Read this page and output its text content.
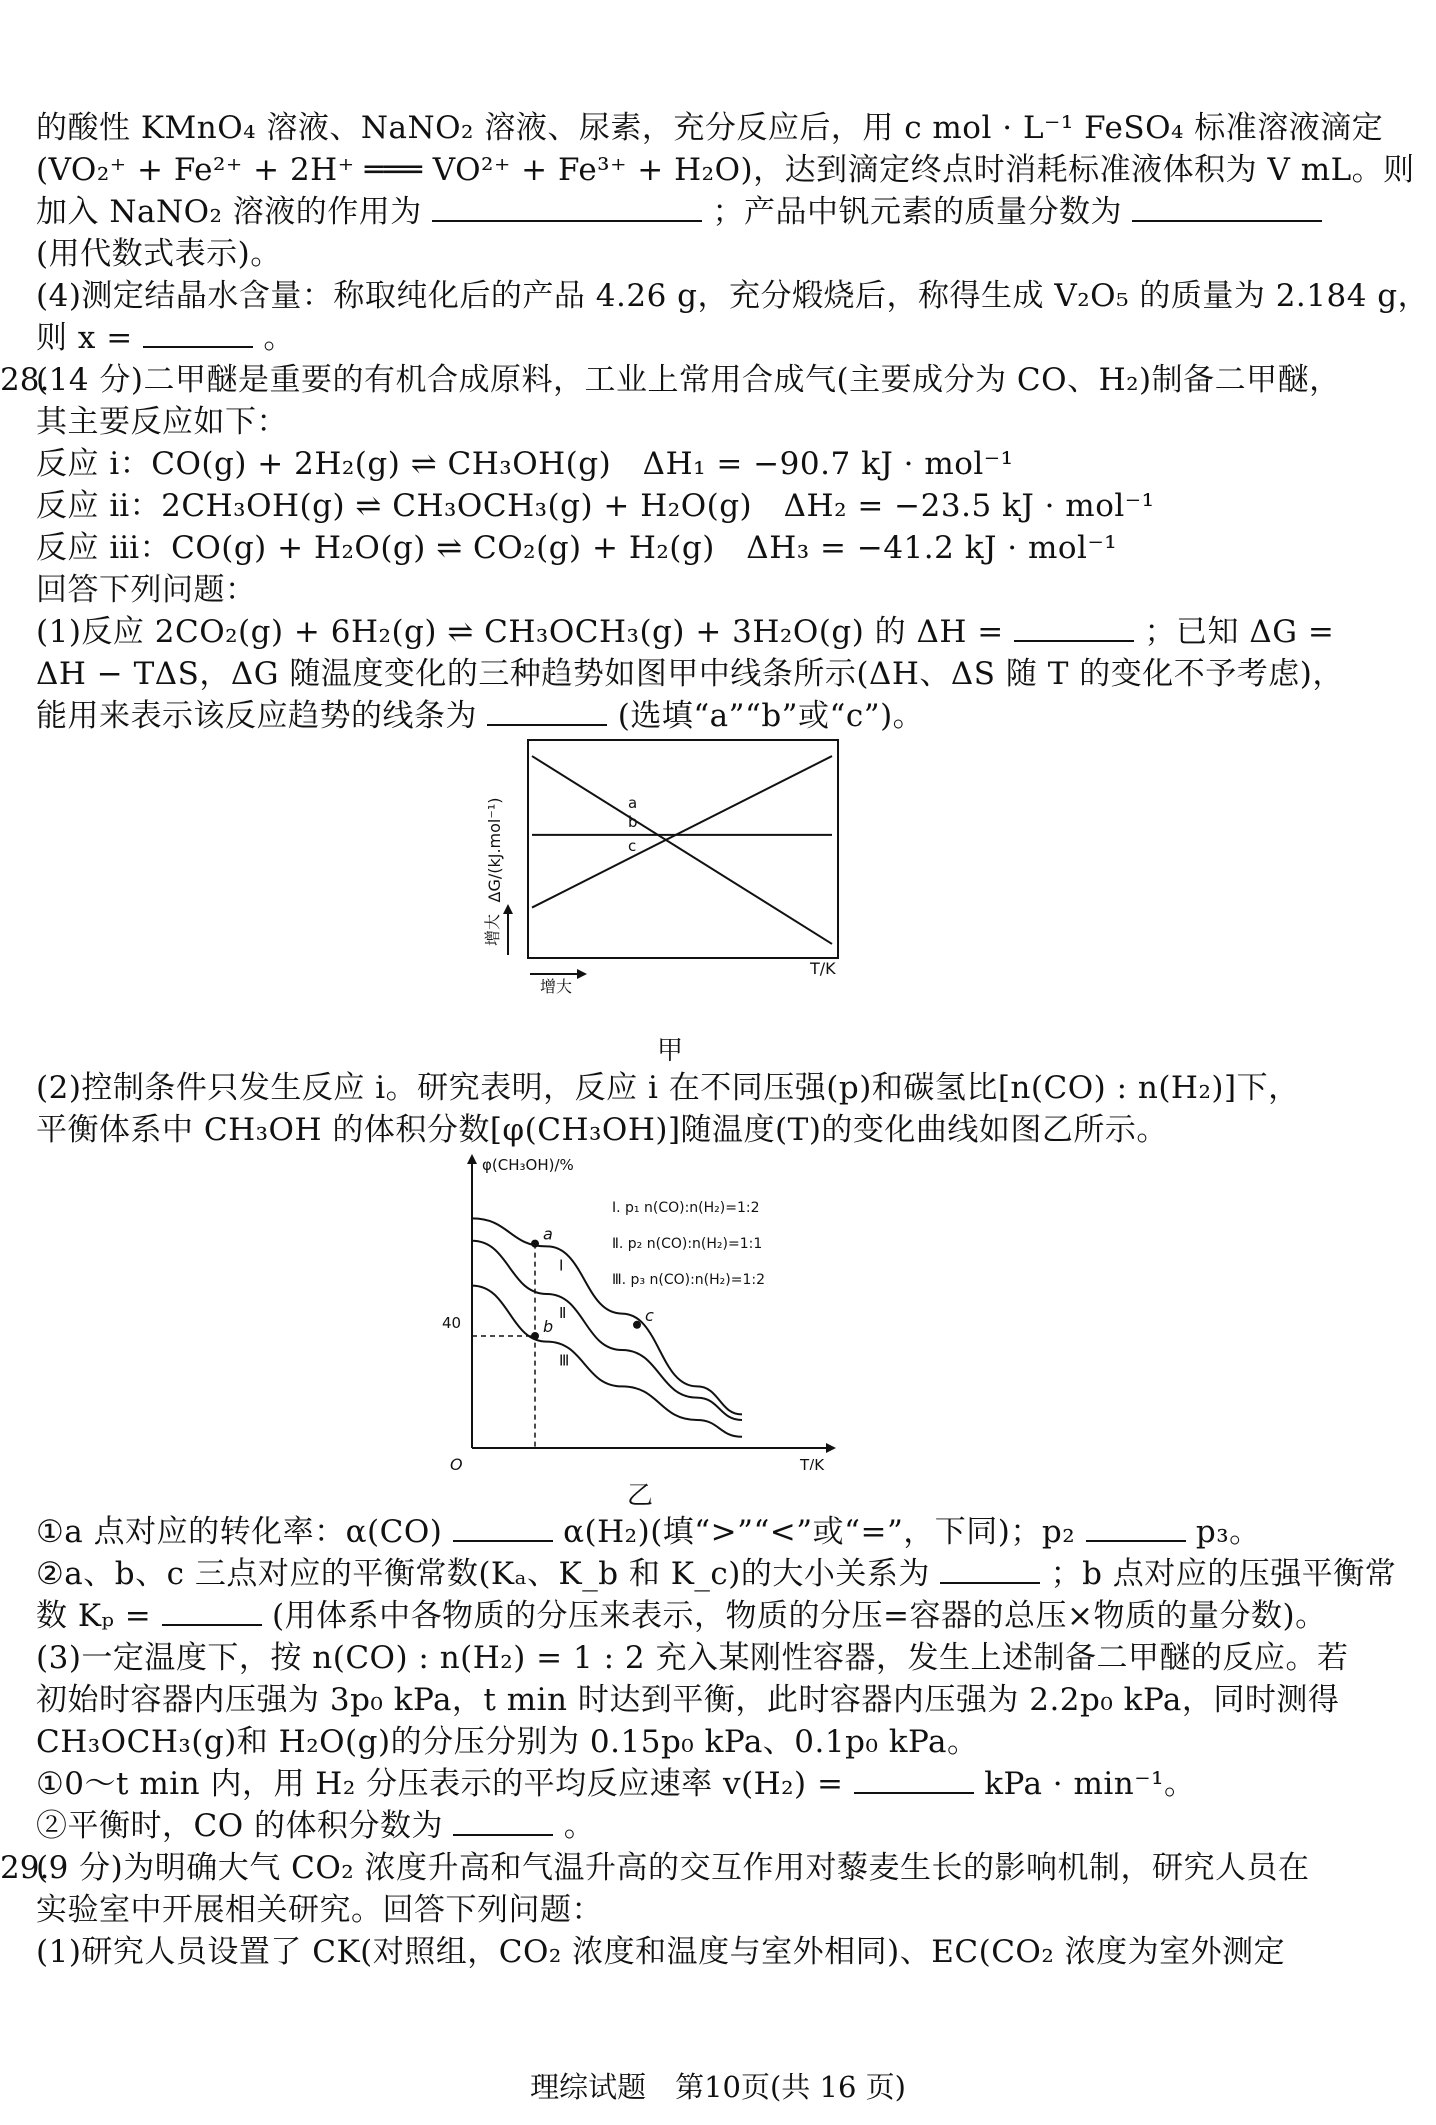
的酸性 KMnO₄ 溶液、NaNO₂ 溶液、尿素，充分反应后，用 c mol · L⁻¹ FeSO₄ 标准溶液滴定
(VO₂⁺ + Fe²⁺ + 2H⁺ ═══ VO²⁺ + Fe³⁺ + H₂O)，达到滴定终点时消耗标准液体积为 V mL。则
加入 NaNO₂ 溶液的作用为	；产品中钒元素的质量分数为
(用代数式表示)。
(4)测定结晶水含量：称取纯化后的产品 4.26 g，充分煅烧后，称得生成 V₂O₅ 的质量为 2.184 g，
则 x =	。
28.
(14 分)二甲醚是重要的有机合成原料，工业上常用合成气(主要成分为 CO、H₂)制备二甲醚，
其主要反应如下：
反应 ⅰ：CO(g) + 2H₂(g) ⇌ CH₃OH(g)　ΔH₁ = −90.7 kJ · mol⁻¹
反应 ⅱ：2CH₃OH(g) ⇌ CH₃OCH₃(g) + H₂O(g)　ΔH₂ = −23.5 kJ · mol⁻¹
反应 ⅲ：CO(g) + H₂O(g) ⇌ CO₂(g) + H₂(g)　ΔH₃ = −41.2 kJ · mol⁻¹
回答下列问题：
(1)反应 2CO₂(g) + 6H₂(g) ⇌ CH₃OCH₃(g) + 3H₂O(g) 的 ΔH =	；已知 ΔG =
ΔH − TΔS，ΔG 随温度变化的三种趋势如图甲中线条所示(ΔH、ΔS 随 T 的变化不予考虑)，
能用来表示该反应趋势的线条为	(选填“a”“b”或“c”)。
a
b
c
ΔG/(kJ.mol⁻¹)
增大
增大
T/K
甲
(2)控制条件只发生反应 ⅰ。研究表明，反应 ⅰ 在不同压强(p)和碳氢比[n(CO) : n(H₂)]下，
平衡体系中 CH₃OH 的体积分数[φ(CH₃OH)]随温度(T)的变化曲线如图乙所示。
φ(CH₃OH)/%
T/K
O
40
Ⅰ
Ⅱ
Ⅲ
a
b
c
Ⅰ. p₁ n(CO):n(H₂)=1:2
Ⅱ. p₂ n(CO):n(H₂)=1:1
Ⅲ. p₃ n(CO):n(H₂)=1:2
乙
①a 点对应的转化率：α(CO)	α(H₂)(填“>”“<”或“=”，下同)；p₂	p₃。
②a、b、c 三点对应的平衡常数(Kₐ、K_b 和 K_c)的大小关系为	；b 点对应的压强平衡常
数 Kₚ =	(用体系中各物质的分压来表示，物质的分压=容器的总压×物质的量分数)。
(3)一定温度下，按 n(CO) : n(H₂) = 1 : 2 充入某刚性容器，发生上述制备二甲醚的反应。若
初始时容器内压强为 3p₀ kPa，t min 时达到平衡，此时容器内压强为 2.2p₀ kPa，同时测得
CH₃OCH₃(g)和 H₂O(g)的分压分别为 0.15p₀ kPa、0.1p₀ kPa。
①0～t min 内，用 H₂ 分压表示的平均反应速率 v(H₂) =	kPa · min⁻¹。
②平衡时，CO 的体积分数为	。
29.
(9 分)为明确大气 CO₂ 浓度升高和气温升高的交互作用对藜麦生长的影响机制，研究人员在
实验室中开展相关研究。回答下列问题：
(1)研究人员设置了 CK(对照组，CO₂ 浓度和温度与室外相同)、EC(CO₂ 浓度为室外测定
理综试题　第10页(共 16 页)
